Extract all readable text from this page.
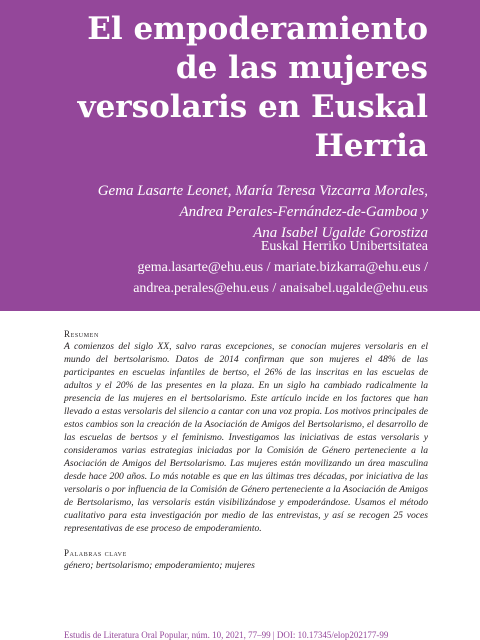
El empoderamiento
de las mujeres
versolaris en Euskal
Herria
Gema Lasarte Leonet, María Teresa Vizcarra Morales,
Andrea Perales-Fernández-de-Gamboa y
Ana Isabel Ugalde Gorostiza
Euskal Herriko Unibertsitatea
gema.lasarte@ehu.eus / mariate.bizkarra@ehu.eus /
andrea.perales@ehu.eus / anaisabel.ugalde@ehu.eus

Resumen

A comienzos del siglo XX, salvo raras excepciones, se conocían mujeres versolaris en el mundo del bertsolarismo. Datos de 2014 confirman que son mujeres el 48% de las participantes en escuelas infantiles de bertso, el 26% de las inscritas en las escuelas de adultos y el 20% de las presentes en la plaza. En un siglo ha cambiado radicalmente la presencia de las mujeres en el bertsolarismo. Este artículo incide en los factores que han llevado a estas versolaris del silencio a cantar con una voz propia. Los motivos principales de estos cambios son la creación de la Asociación de Amigos del Bertsolarismo, el desarrollo de las escuelas de bertsos y el feminismo. Investigamos las iniciativas de estas versolaris y consideramos varias estrategias iniciadas por la Comisión de Género perteneciente a la Asociación de Amigos del Bertsolarismo. Las mujeres están movilizando un área masculina desde hace 200 años. Lo más notable es que en las últimas tres décadas, por iniciativa de las versolaris o por influencia de la Comisión de Género perteneciente a la Asociación de Amigos de Bertsolarismo, las versolaris están visibilizándose y empoderándose. Usamos el método cualitativo para esta investigación por medio de las entrevistas, y así se recogen 25 voces representativas de ese proceso de empoderamiento.

Palabras clave

género; bertsolarismo; empoderamiento; mujeres

Estudis de Literatura Oral Popular, núm. 10, 2021, 77–99 | DOI: 10.17345/elop202177-99
